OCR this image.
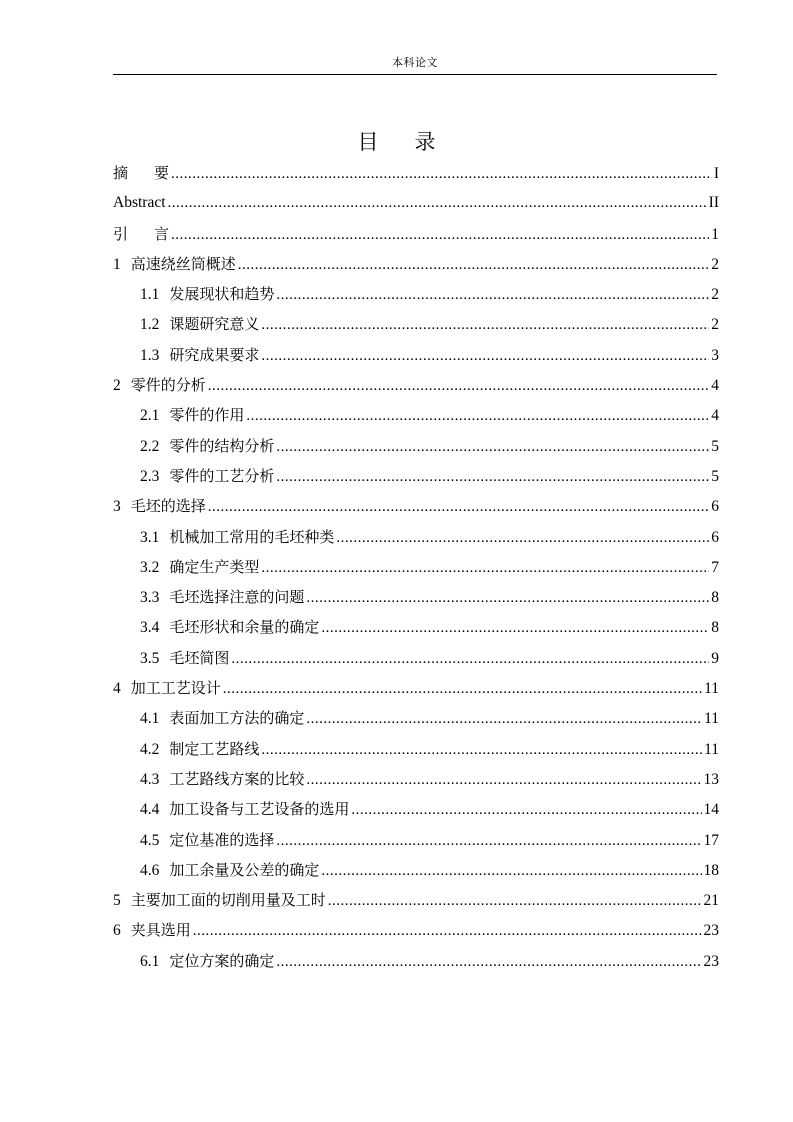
本科论文
目 录
摘要 .....	I
Abstract .....	II
引言 .....	1
1 高速绕丝筒概述 .....	2
1.1 发展现状和趋势 .....	2
1.2 课题研究意义 .....	2
1.3 研究成果要求 .....	3
2 零件的分析 .....	4
2.1 零件的作用 .....	4
2.2 零件的结构分析 .....	5
2.3 零件的工艺分析 .....	5
3 毛坯的选择 .....	6
3.1 机械加工常用的毛坯种类 .....	6
3.2 确定生产类型 .....	7
3.3 毛坯选择注意的问题 .....	8
3.4 毛坯形状和余量的确定 .....	8
3.5 毛坯简图 .....	9
4 加工工艺设计 .....	11
4.1 表面加工方法的确定 .....	11
4.2 制定工艺路线 .....	11
4.3 工艺路线方案的比较 .....	13
4.4 加工设备与工艺设备的选用 .....	14
4.5 定位基准的选择 .....	17
4.6 加工余量及公差的确定 .....	18
5 主要加工面的切削用量及工时 .....	21
6 夹具选用 .....	23
6.1 定位方案的确定 .....	23
